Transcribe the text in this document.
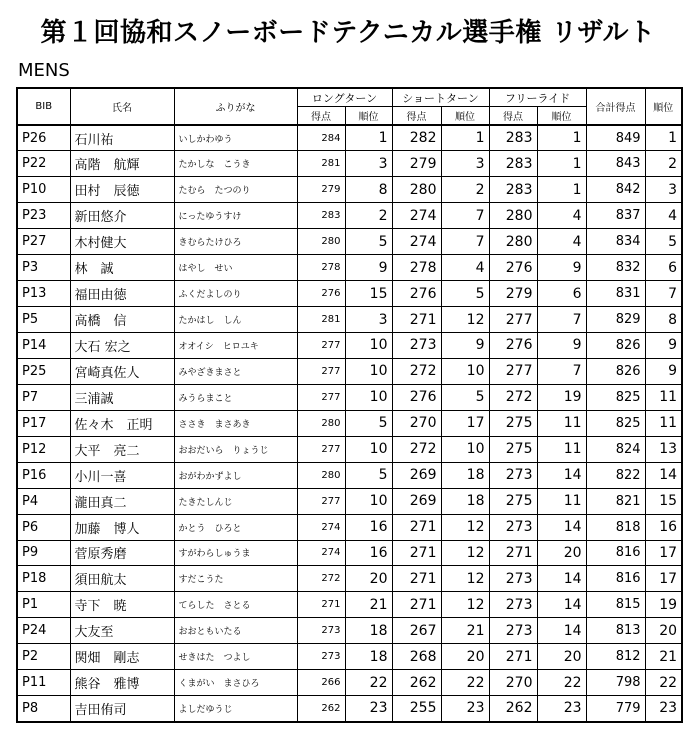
第１回協和スノーボードテクニカル選手権 リザルト
MENS
BIB	氏名	ふりがな	ロングターン		ショートターン		フリーライド		合計得点	順位
			得点	順位	得点	順位	得点	順位		
P26	石川祐	いしかわゆう	284	1	282	1	283	1	849	1
P22	高階　航輝	たかしな　こうき	281	3	279	3	283	1	843	2
P10	田村　辰徳	たむら　たつのり	279	8	280	2	283	1	842	3
P23	新田悠介	にったゆうすけ	283	2	274	7	280	4	837	4
P27	木村健大	きむらたけひろ	280	5	274	7	280	4	834	5
P3	林　誠	はやし　せい	278	9	278	4	276	9	832	6
P13	福田由徳	ふくだよしのり	276	15	276	5	279	6	831	7
P5	高橋　信	たかはし　しん	281	3	271	12	277	7	829	8
P14	大石 宏之	オオイシ　ヒロユキ	277	10	273	9	276	9	826	9
P25	宮崎真佐人	みやざきまさと	277	10	272	10	277	7	826	9
P7	三浦誠	みうらまこと	277	10	276	5	272	19	825	11
P17	佐々木　正明	ささき　まさあき	280	5	270	17	275	11	825	11
P12	大平　亮二	おおだいら　りょうじ	277	10	272	10	275	11	824	13
P16	小川一喜	おがわかずよし	280	5	269	18	273	14	822	14
P4	瀧田真二	たきたしんじ	277	10	269	18	275	11	821	15
P6	加藤　博人	かとう　ひろと	274	16	271	12	273	14	818	16
P9	菅原秀磨	すがわらしゅうま	274	16	271	12	271	20	816	17
P18	須田航太	すだこうた	272	20	271	12	273	14	816	17
P1	寺下　暁	てらした　さとる	271	21	271	12	273	14	815	19
P24	大友至	おおともいたる	273	18	267	21	273	14	813	20
P2	関畑　剛志	せきはた　つよし	273	18	268	20	271	20	812	21
P11	熊谷　雅博	くまがい　まさひろ	266	22	262	22	270	22	798	22
P8	吉田侑司	よしだゆうじ	262	23	255	23	262	23	779	23
